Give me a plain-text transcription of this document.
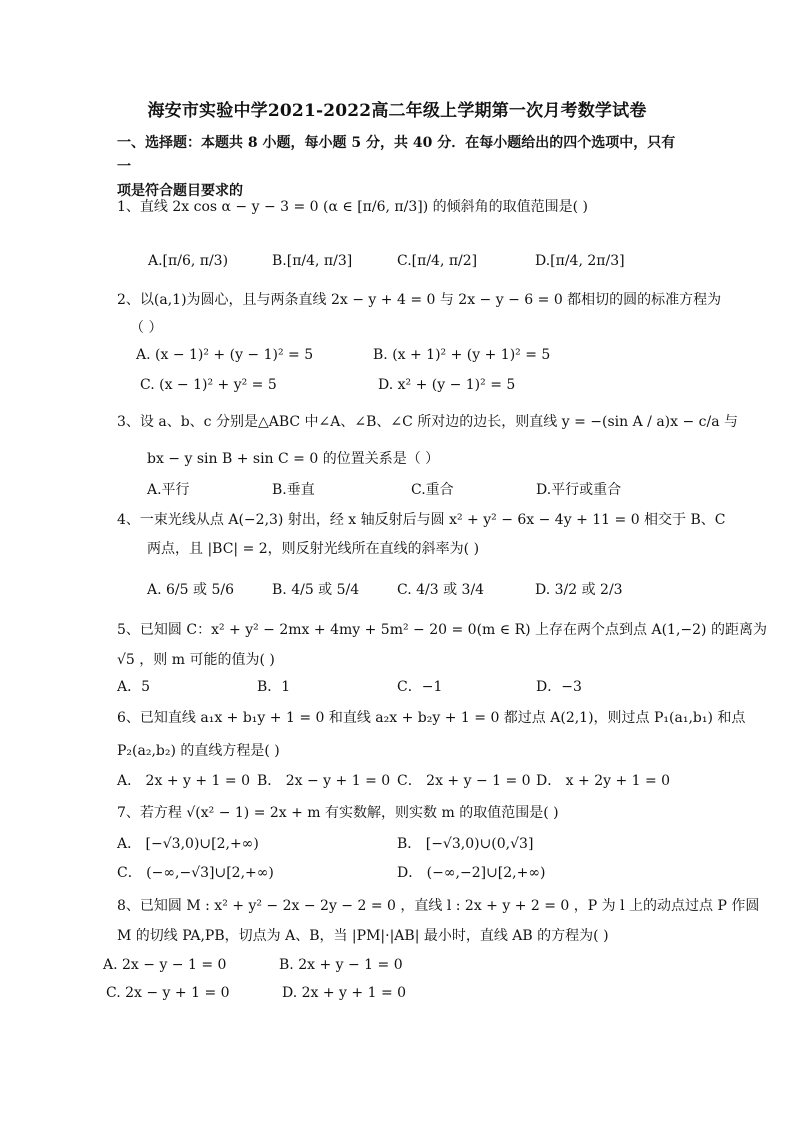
海安市实验中学2021-2022高二年级上学期第一次月考数学试卷
一、选择题：本题共 8 小题，每小题 5 分，共 40 分．在每小题给出的四个选项中，只有一
项是符合题目要求的
1、直线 2x cos α − y − 3 = 0 (α ∈ [π/6, π/3]) 的倾斜角的取值范围是( )
A.[π/6, π/3)	B.[π/4, π/3]	C.[π/4, π/2]	D.[π/4, 2π/3]
2、以(a,1)为圆心，且与两条直线 2x − y + 4 = 0 与 2x − y − 6 = 0 都相切的圆的标准方程为
（ ）
A. (x − 1)² + (y − 1)² = 5	B. (x + 1)² + (y + 1)² = 5
C. (x − 1)² + y² = 5	D. x² + (y − 1)² = 5
3、设 a、b、c 分别是△ABC 中∠A、∠B、∠C 所对边的边长，则直线 y = −(sin A / a)x − c/a 与
bx − y sin B + sin C = 0 的位置关系是（ ）
A.平行	B.垂直	C.重合	D.平行或重合
4、一束光线从点 A(−2,3) 射出，经 x 轴反射后与圆 x² + y² − 6x − 4y + 11 = 0 相交于 B、C
两点，且 |BC| = 2，则反射光线所在直线的斜率为( )
A. 6/5 或 5/6	B. 4/5 或 5/4	C. 4/3 或 3/4	D. 3/2 或 2/3
5、已知圆 C：x² + y² − 2mx + 4my + 5m² − 20 = 0(m ∈ R) 上存在两个点到点 A(1,−2) 的距离为
√5 ，则 m 可能的值为( )
A．5	B．1	C．−1	D．−3
6、已知直线 a₁x + b₁y + 1 = 0 和直线 a₂x + b₂y + 1 = 0 都过点 A(2,1)，则过点 P₁(a₁,b₁) 和点
P₂(a₂,b₂) 的直线方程是( )
A． 2x + y + 1 = 0 B． 2x − y + 1 = 0 C． 2x + y − 1 = 0 D． x + 2y + 1 = 0
7、若方程 √(x² − 1) = 2x + m 有实数解，则实数 m 的取值范围是( )
A． [−√3,0)∪[2,+∞)	B． [−√3,0)∪(0,√3]
C． (−∞,−√3]∪[2,+∞)	D． (−∞,−2]∪[2,+∞)
8、已知圆 M : x² + y² − 2x − 2y − 2 = 0 ，直线 l : 2x + y + 2 = 0 ，P 为 l 上的动点过点 P 作圆
M 的切线 PA,PB，切点为 A、B，当 |PM|·|AB| 最小时，直线 AB 的方程为( )
A. 2x − y − 1 = 0	B. 2x + y − 1 = 0
C. 2x − y + 1 = 0	D. 2x + y + 1 = 0
